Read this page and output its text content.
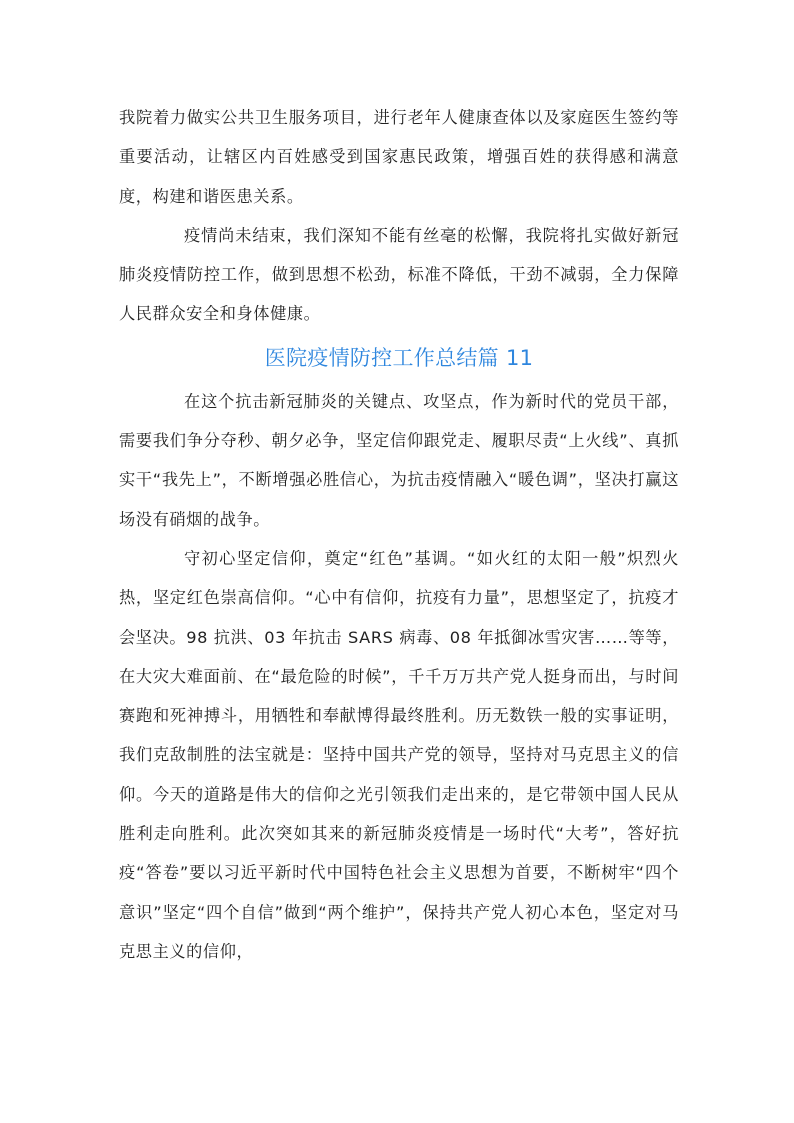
我院着力做实公共卫生服务项目，进行老年人健康查体以及家庭医生签约等重要活动，让辖区内百姓感受到国家惠民政策，增强百姓的获得感和满意度，构建和谐医患关系。

疫情尚未结束，我们深知不能有丝毫的松懈，我院将扎实做好新冠肺炎疫情防控工作，做到思想不松劲，标准不降低，干劲不减弱，全力保障人民群众安全和身体健康。

医院疫情防控工作总结篇 11

在这个抗击新冠肺炎的关键点、攻坚点，作为新时代的党员干部，需要我们争分夺秒、朝夕必争，坚定信仰跟党走、履职尽责“上火线”、真抓实干“我先上”，不断增强必胜信心，为抗击疫情融入“暖色调”，坚决打赢这场没有硝烟的战争。

守初心坚定信仰，奠定“红色”基调。“如火红的太阳一般”炽烈火热，坚定红色崇高信仰。“心中有信仰，抗疫有力量”，思想坚定了，抗疫才会坚决。98 抗洪、03 年抗击 SARS 病毒、08 年抵御冰雪灾害……等等，在大灾大难面前、在“最危险的时候”，千千万万共产党人挺身而出，与时间赛跑和死神搏斗，用牺牲和奉献博得最终胜利。历无数铁一般的实事证明，我们克敌制胜的法宝就是：坚持中国共产党的领导，坚持对马克思主义的信仰。今天的道路是伟大的信仰之光引领我们走出来的，是它带领中国人民从胜利走向胜利。此次突如其来的新冠肺炎疫情是一场时代“大考”，答好抗疫“答卷”要以习近平新时代中国特色社会主义思想为首要，不断树牢“四个意识”坚定“四个自信”做到“两个维护”，保持共产党人初心本色，坚定对马克思主义的信仰，
